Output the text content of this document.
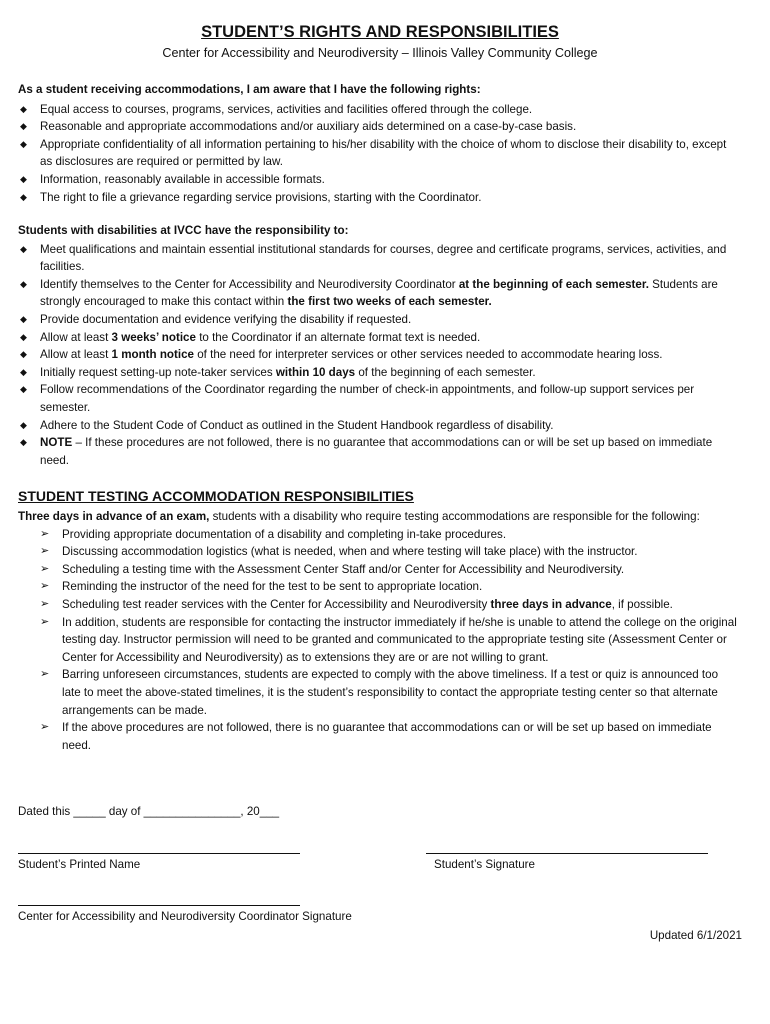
STUDENT’S RIGHTS AND RESPONSIBILITIES
Center for Accessibility and Neurodiversity – Illinois Valley Community College
As a student receiving accommodations, I am aware that I have the following rights:
◆ Equal access to courses, programs, services, activities and facilities offered through the college.
◆ Reasonable and appropriate accommodations and/or auxiliary aids determined on a case-by-case basis.
◆ Appropriate confidentiality of all information pertaining to his/her disability with the choice of whom to disclose their disability to, except as disclosures are required or permitted by law.
◆ Information, reasonably available in accessible formats.
◆ The right to file a grievance regarding service provisions, starting with the Coordinator.
Students with disabilities at IVCC have the responsibility to:
◆ Meet qualifications and maintain essential institutional standards for courses, degree and certificate programs, services, activities, and facilities.
◆ Identify themselves to the Center for Accessibility and Neurodiversity Coordinator at the beginning of each semester. Students are strongly encouraged to make this contact within the first two weeks of each semester.
◆ Provide documentation and evidence verifying the disability if requested.
◆ Allow at least 3 weeks’ notice to the Coordinator if an alternate format text is needed.
◆ Allow at least 1 month notice of the need for interpreter services or other services needed to accommodate hearing loss.
◆ Initially request setting-up note-taker services within 10 days of the beginning of each semester.
◆ Follow recommendations of the Coordinator regarding the number of check-in appointments, and follow-up support services per semester.
◆ Adhere to the Student Code of Conduct as outlined in the Student Handbook regardless of disability.
◆ NOTE – If these procedures are not followed, there is no guarantee that accommodations can or will be set up based on immediate need.
STUDENT TESTING ACCOMMODATION RESPONSIBILITIES
Three days in advance of an exam, students with a disability who require testing accommodations are responsible for the following:
➢ Providing appropriate documentation of a disability and completing in-take procedures.
➢ Discussing accommodation logistics (what is needed, when and where testing will take place) with the instructor.
➢ Scheduling a testing time with the Assessment Center Staff and/or Center for Accessibility and Neurodiversity.
➢ Reminding the instructor of the need for the test to be sent to appropriate location.
➢ Scheduling test reader services with the Center for Accessibility and Neurodiversity three days in advance, if possible.
➢ In addition, students are responsible for contacting the instructor immediately if he/she is unable to attend the college on the original testing day. Instructor permission will need to be granted and communicated to the appropriate testing site (Assessment Center or Center for Accessibility and Neurodiversity) as to extensions they are or are not willing to grant.
➢ Barring unforeseen circumstances, students are expected to comply with the above timeliness. If a test or quiz is announced too late to meet the above-stated timelines, it is the student’s responsibility to contact the appropriate testing center so that alternate arrangements can be made.
➢ If the above procedures are not followed, there is no guarantee that accommodations can or will be set up based on immediate need.
Dated this _____ day of _______________, 20___
Student’s Printed Name	Student’s Signature
Center for Accessibility and Neurodiversity Coordinator Signature
Updated 6/1/2021
